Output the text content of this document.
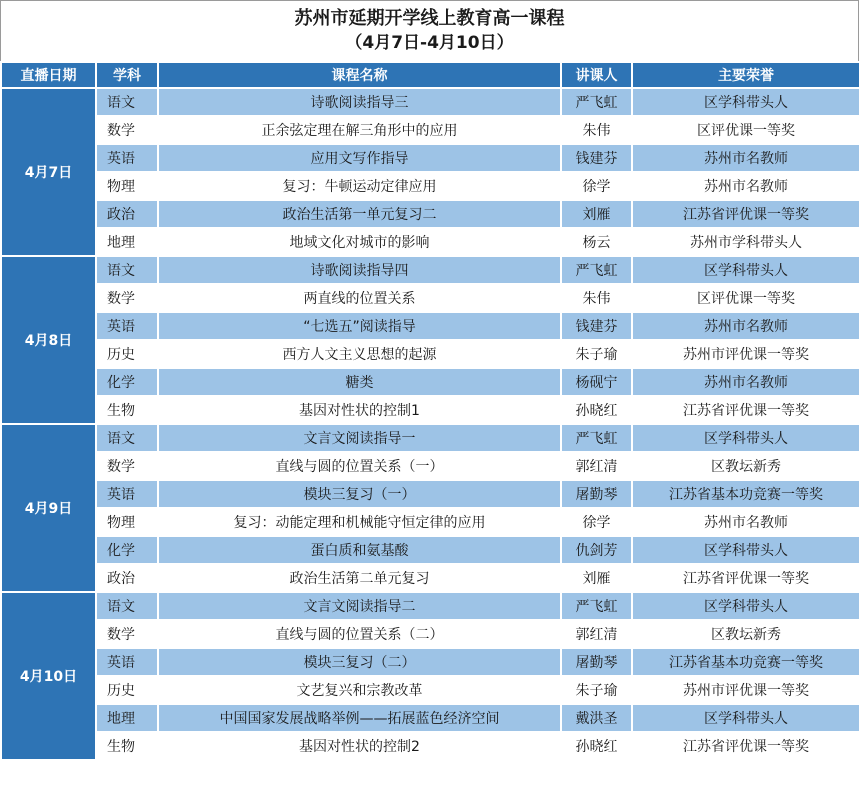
苏州市延期开学线上教育高一课程
（4月7日-4月10日）
直播日期	学科	课程名称	讲课人	主要荣誉
4月7日	语文	诗歌阅读指导三	严飞虹	区学科带头人
	数学	正余弦定理在解三角形中的应用	朱伟	区评优课一等奖
	英语	应用文写作指导	钱建芬	苏州市名教师
	物理	复习：牛顿运动定律应用	徐学	苏州市名教师
	政治	政治生活第一单元复习二	刘雁	江苏省评优课一等奖
	地理	地域文化对城市的影响	杨云	苏州市学科带头人
4月8日	语文	诗歌阅读指导四	严飞虹	区学科带头人
	数学	两直线的位置关系	朱伟	区评优课一等奖
	英语	“七选五”阅读指导	钱建芬	苏州市名教师
	历史	西方人文主义思想的起源	朱子瑜	苏州市评优课一等奖
	化学	糖类	杨砚宁	苏州市名教师
	生物	基因对性状的控制1	孙晓红	江苏省评优课一等奖
4月9日	语文	文言文阅读指导一	严飞虹	区学科带头人
	数学	直线与圆的位置关系（一）	郭红清	区教坛新秀
	英语	模块三复习（一）	屠勤琴	江苏省基本功竞赛一等奖
	物理	复习：动能定理和机械能守恒定律的应用	徐学	苏州市名教师
	化学	蛋白质和氨基酸	仇剑芳	区学科带头人
	政治	政治生活第二单元复习	刘雁	江苏省评优课一等奖
4月10日	语文	文言文阅读指导二	严飞虹	区学科带头人
	数学	直线与圆的位置关系（二）	郭红清	区教坛新秀
	英语	模块三复习（二）	屠勤琴	江苏省基本功竞赛一等奖
	历史	文艺复兴和宗教改革	朱子瑜	苏州市评优课一等奖
	地理	中国国家发展战略举例——拓展蓝色经济空间	戴洪圣	区学科带头人
	生物	基因对性状的控制2	孙晓红	江苏省评优课一等奖
